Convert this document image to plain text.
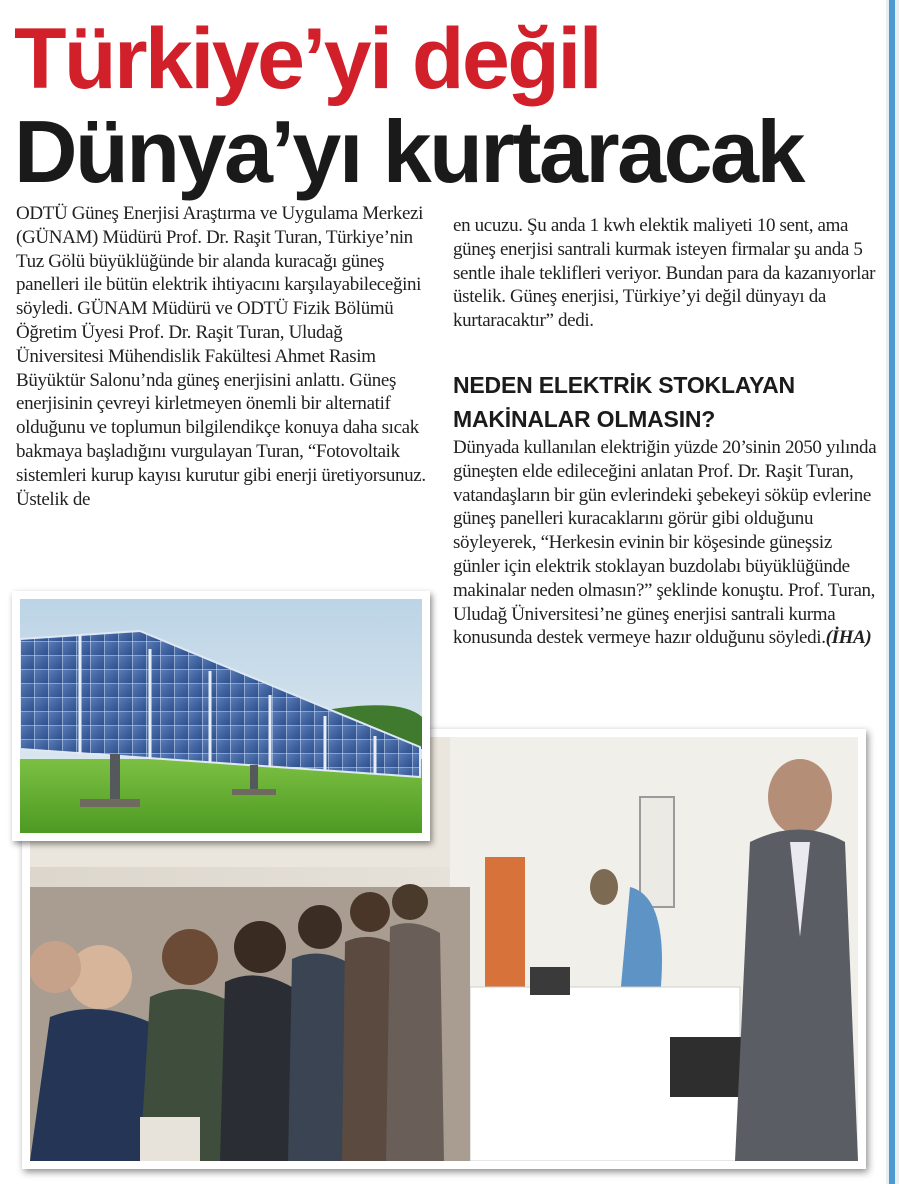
Türkiye’yi değil
Dünya’yı kurtaracak

ODTÜ Güneş Enerjisi Araştırma ve Uygulama Merkezi (GÜNAM) Müdürü Prof. Dr. Raşit Turan, Türkiye’nin Tuz Gölü büyüklüğünde bir alanda kuracağı güneş panelleri ile bütün elektrik ihtiyacını karşılayabileceğini söyledi. GÜNAM Müdürü ve ODTÜ Fizik Bölümü Öğretim Üyesi Prof. Dr. Raşit Turan, Uludağ Üniversitesi Mühendislik Fakültesi Ahmet Rasim Büyüktür Salonu’nda güneş enerjisini anlattı. Güneş enerjisinin çevreyi kirletmeyen önemli bir alternatif olduğunu ve toplumun bilgilendikçe konuya daha sıcak bakmaya başladığını vurgulayan Turan, “Fotovoltaik sistemleri kurup kayısı kurutur gibi enerji üretiyorsunuz. Üstelik de

en ucuzu. Şu anda 1 kwh elektik maliyeti 10 sent, ama güneş enerjisi santrali kurmak isteyen firmalar şu anda 5 sentle ihale teklifleri veriyor. Bundan para da kazanıyorlar üstelik. Güneş enerjisi, Türkiye’yi değil dünyayı da kurtaracaktır” dedi.

NEDEN ELEKTRİK STOKLAYAN MAKİNALAR OLMASIN?

Dünyada kullanılan elektriğin yüzde 20’sinin 2050 yılında güneşten elde edileceğini anlatan Prof. Dr. Raşit Turan, vatandaşların bir gün evlerindeki şebekeyi söküp evlerine güneş panelleri kuracaklarını görür gibi olduğunu söyleyerek, “Herkesin evinin bir köşesinde güneşsiz günler için elektrik stoklayan buzdolabı büyüklüğünde makinalar neden olmasın?” şeklinde konuştu. Prof. Turan, Uludağ Üniversitesi’ne güneş enerjisi santrali kurma konusunda destek vermeye hazır olduğunu söyledi.(İHA)
